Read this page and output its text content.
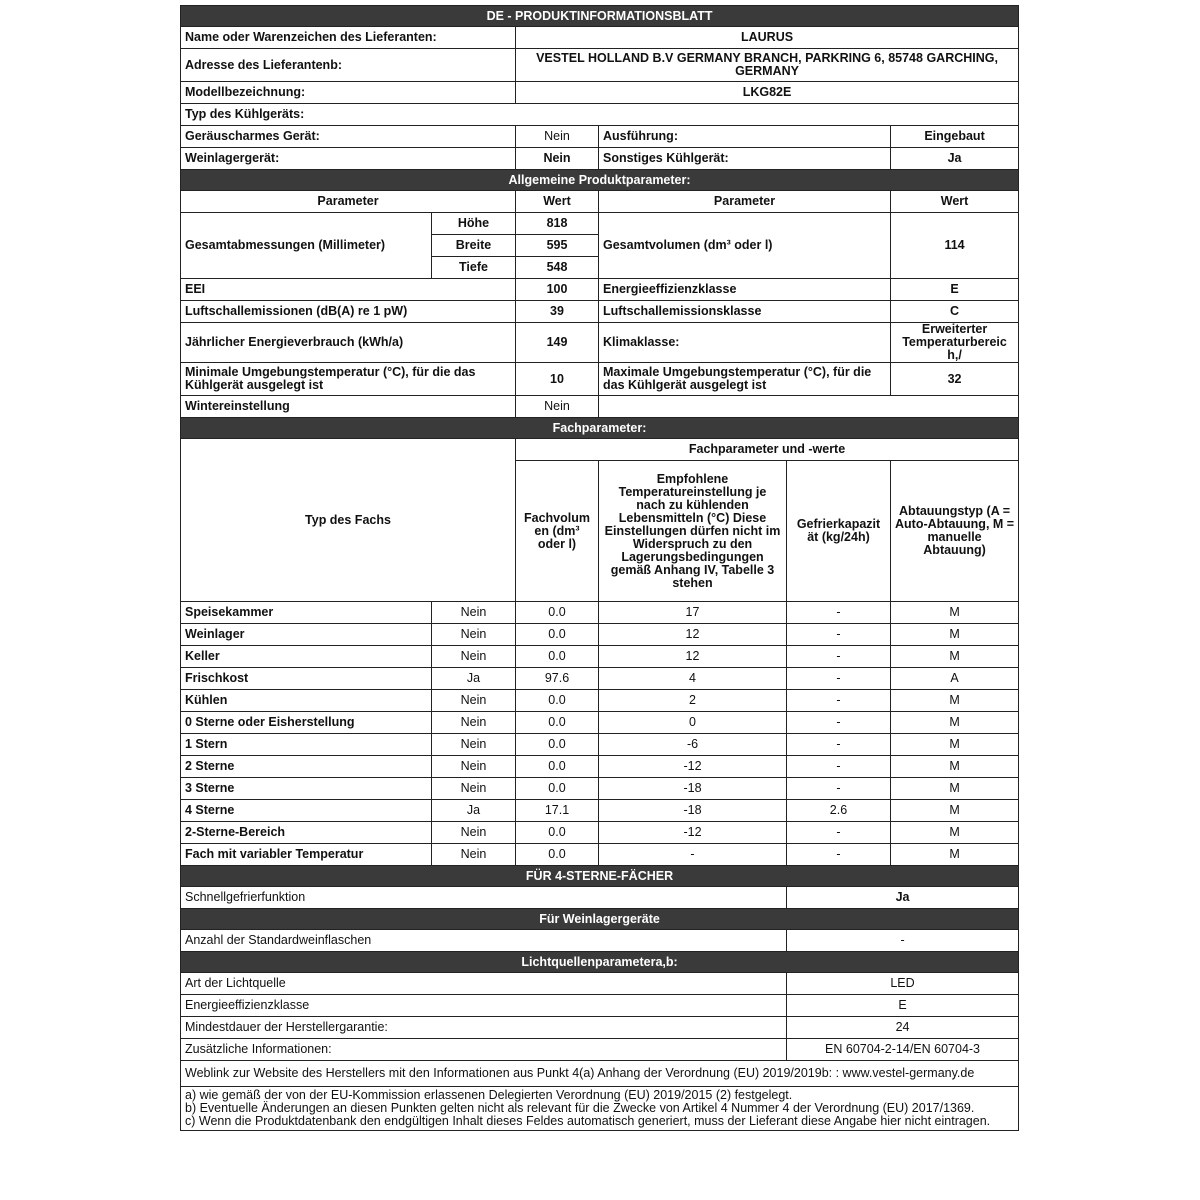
DE - PRODUKTINFORMATIONSBLATT					
Name oder Warenzeichen des Lieferanten:		LAURUS			
Adresse des Lieferantenb:		VESTEL HOLLAND B.V GERMANY BRANCH, PARKRING 6, 85748 GARCHING, GERMANY			
Modellbezeichnung:		LKG82E			
Typ des Kühlgeräts:					
Geräuscharmes Gerät:		Nein	Ausführung:		Eingebaut
Weinlagergerät:		Nein	Sonstiges Kühlgerät:		Ja
Allgemeine Produktparameter:					
Parameter		Wert	Parameter		Wert
Gesamtabmessungen (Millimeter)	Höhe	818	Gesamtvolumen (dm³ oder l)		114
	Breite	595			
	Tiefe	548			
EEI		100	Energieeffizienzklasse		E
Luftschallemissionen (dB(A) re 1 pW)		39	Luftschallemissionsklasse		C
Jährlicher Energieverbrauch (kWh/a)		149	Klimaklasse:		Erweiterter Temperaturbereic h,/
Minimale Umgebungstemperatur (°C), für die das Kühlgerät ausgelegt ist		10	Maximale Umgebungstemperatur (°C), für die das Kühlgerät ausgelegt ist		32
Wintereinstellung		Nein			
Fachparameter:					
Typ des Fachs		Fachparameter und -werte			
		Fachvolum en (dm³ oder l)	Empfohlene Temperatureinstellung je nach zu kühlenden Lebensmitteln (°C) Diese Einstellungen dürfen nicht im Widerspruch zu den Lagerungsbedingungen gemäß Anhang IV, Tabelle 3 stehen	Gefrierkapazit ät (kg/24h)	Abtauungstyp (A = Auto-Abtauung, M = manuelle Abtauung)
Speisekammer	Nein	0.0	17	-	M
Weinlager	Nein	0.0	12	-	M
Keller	Nein	0.0	12	-	M
Frischkost	Ja	97.6	4	-	A
Kühlen	Nein	0.0	2	-	M
0 Sterne oder Eisherstellung	Nein	0.0	0	-	M
1 Stern	Nein	0.0	-6	-	M
2 Sterne	Nein	0.0	-12	-	M
3 Sterne	Nein	0.0	-18	-	M
4 Sterne	Ja	17.1	-18	2.6	M
2-Sterne-Bereich	Nein	0.0	-12	-	M
Fach mit variabler Temperatur	Nein	0.0	-	-	M
FÜR 4-STERNE-FÄCHER					
Schnellgefrierfunktion				Ja	
Für Weinlagergeräte					
Anzahl der Standardweinflaschen				-	
Lichtquellenparametera,b:					
Art der Lichtquelle				LED	
Energieeffizienzklasse				E	
Mindestdauer der Herstellergarantie:				24	
Zusätzliche Informationen:				EN 60704-2-14/EN 60704-3	
Weblink zur Website des Herstellers mit den Informationen aus Punkt 4(a) Anhang der Verordnung (EU) 2019/2019b: : www.vestel-germany.de					

a) wie gemäß der von der EU-Kommission erlassenen Delegierten Verordnung (EU) 2019/2015 (2) festgelegt.
b) Eventuelle Änderungen an diesen Punkten gelten nicht als relevant für die Zwecke von Artikel 4 Nummer 4 der Verordnung (EU) 2017/1369.
c) Wenn die Produktdatenbank den endgültigen Inhalt dieses Feldes automatisch generiert, muss der Lieferant diese Angabe hier nicht eintragen.					
